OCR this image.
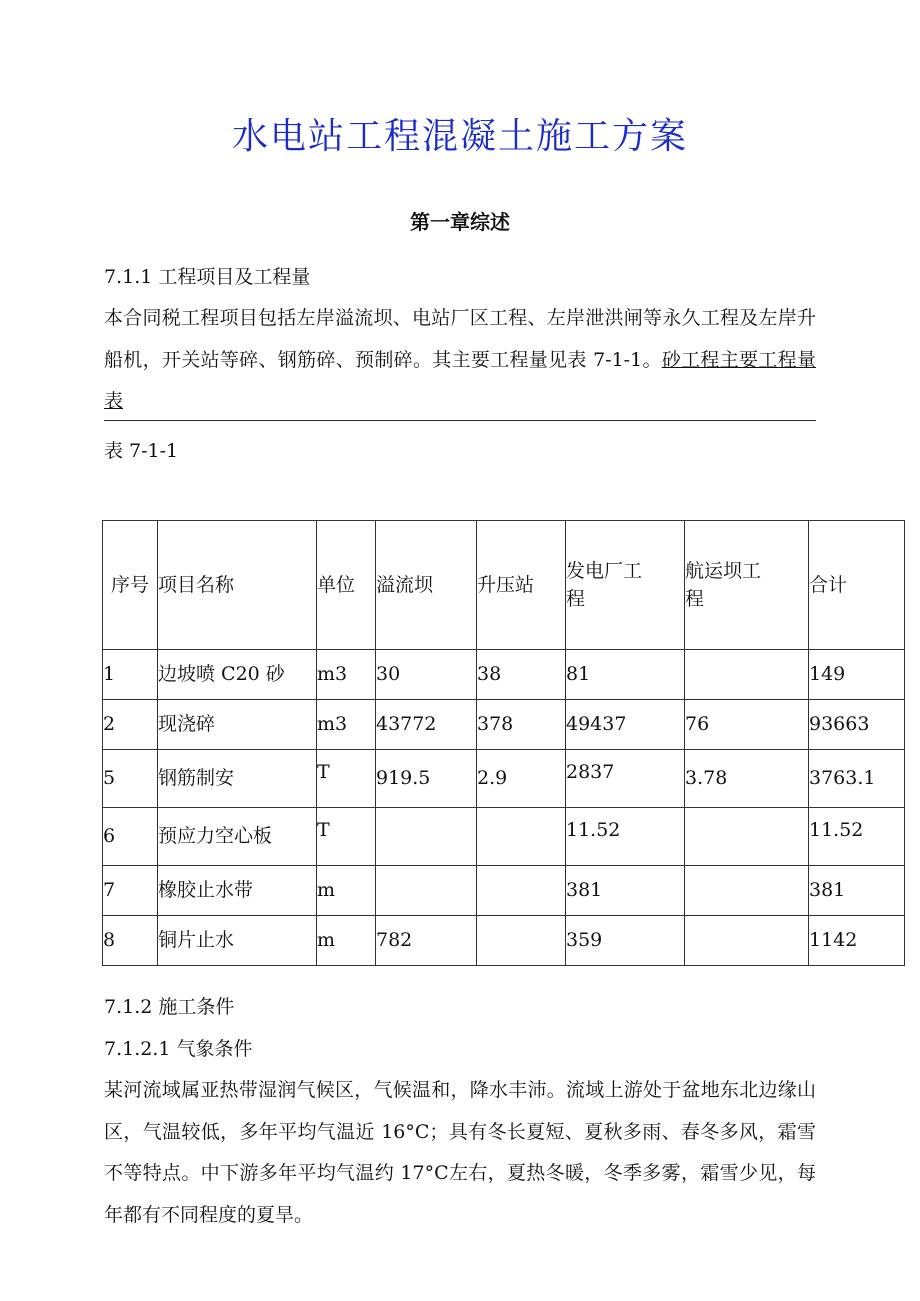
水电站工程混凝土施工方案
第一章综述
7.1.1 工程项目及工程量
本合同税工程项目包括左岸溢流坝、电站厂区工程、左岸泄洪闸等永久工程及左岸升船机，开关站等碎、钢筋碎、预制碎。其主要工程量见表 7-1-1。砂工程主要工程量表
表 7-1-1
序号	项目名称	单位	溢流坝	升压站	发电厂工程	航运坝工程	合计
1	边坡喷 C20 砂	m3	30	38	81		149
2	现浇碎	m3	43772	378	49437	76	93663
5	钢筋制安	T	919.5	2.9	2837	3.78	3763.1
6	预应力空心板	T			11.52		11.52
7	橡胶止水带	m			381		381
8	铜片止水	m	782		359		1142
7.1.2 施工条件
7.1.2.1 气象条件
某河流域属亚热带湿润气候区，气候温和，降水丰沛。流域上游处于盆地东北边缘山区，气温较低，多年平均气温近 16°C；具有冬长夏短、夏秋多雨、春冬多风，霜雪不等特点。中下游多年平均气温约 17°C左右，夏热冬暖，冬季多雾，霜雪少见，每年都有不同程度的夏旱。
